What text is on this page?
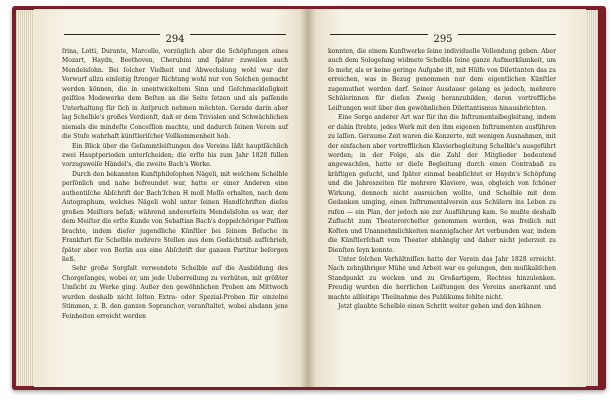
294

ſrina, Lotti, Durante, Marcello, vorzüglich aber die Schöpfungen eines Mozart, Haydn, Beethoven, Cherubini und ſpäter zuweilen auch Mendelsſohn. Bei ſolcher Vielheit und Abwechslung wohl war der Vorwurf allzu einſeitig ſtrenger Richtung wohl nur von Solchen gemacht werden können, die in unentwickeltem Sinn und Geſchmackloſigkeit geiſtlos Modewerke dem Beſten an die Seite ſetzen und als paſſende Unterhaltung für ſich in Anſpruch nehmen möchten. Gerade darin aber lag Schelble's großes Verdienſt, daß er dem Trivialen und Schwächlichen niemals die mindeſte Conceſſion machte, und dadurch ſeinen Verein auf die Stufe wahrhaft künſtleriſcher Vollkommenheit hob.

Ein Blick über die Geſammtleiſtungen des Vereins läßt hauptſächlich zwei Hauptperioden unterſcheiden; die erſte bis zum Jahr 1828 füllen vorzugsweiſe Händel's, die zweite Bach's Werke.

Durch den bekannten Kunſtphiloſophen Nägeli, mit welchem Schelble perſönlich und nahe befreundet war, hatte er einer Anderen eine authentiſche Abſchrift der Bach'ſchen H moll Meſſe erhalten, nach dem Autographum, welches Nägeli wohl unter ſeinen Handſchriften dieſes großen Meiſters beſaß; während andererſeits Mendelsſohn es war, der dem Meiſter die erſte Kunde von Sebaſtian Bach's doppelchöriger Paſſion brachte, indem dieſer jugendliche Künſtler bei ſeinem Beſuche in Frankfurt für Schelble mehrere Stellen aus dem Gedächtniß aufſchrieb, ſpäter aber von Berlin aus eine Abſchrift der ganzen Partitur beſorgen ließ.

Sehr große Sorgfalt verwendete Schelble auf die Ausbildung des Chorgeſanges, wobei er, um jede Ueberreilung zu verhüten, mit größter Umſicht zu Werke ging. Außer den gewöhnlichen Proben am Mittwoch wurden deshalb nicht ſelten Extra- oder Spezial-Proben für einzelne Stimmen, z. B. den ganzen Sopranchor, veranſtaltet, wobei alsdann jene Feinheiten erreicht werden

295

konnten, die einem Kunſtwerke ſeine individuelle Vollendung geben. Aber auch dem Sologeſang widmete Schelble ſeine ganze Aufmerkſamkeit, um ſo mehr, als er keine geringe Aufgabe iſt, mit Hülfe von Dilettanten das zu erreichen, was in Bezug genommen nur dem eigentlichen Künſtler zugemuthet werden darf. Seiner Ausdauer gelang es jedoch, mehrere Schülerinnen für dieſen Zweig heranzubilden, deren vortreffliche Leiſtungen weit über den gewöhnlichen Dilettantismus hinausbrichten.

Eine Sorge anderer Art war für ihn die Inſtrumentalbegleitung, indem er dahin ſtrebte, jedes Werk mit den ihm eigenen Inſtrumenten ausführen zu laſſen. Geraume Zeit waren die Konzerte, mit wenigen Ausnahmen, mit der einfachen aber vortrefflichen Klavierbegleitung Schelble's ausgeführt worden; in der Folge, als die Zahl der Mitglieder bedeutend angewachſen, hatte er dieſe Begleitung durch einen Contrabaß zu kräftigen geſucht, und ſpäter einmal beabſichtet er Haydn's Schöpfung und die Jahreszeiten für mehrere Klaviere, was, obgleich von ſchöner Wirkung, dennoch nicht ausreichen wollte, und Schelble mit dem Gedanken umging, einen Inſtrumentalverein aus Schülern ins Leben zu rufen — ein Plan, der jedoch nie zur Ausführung kam. So mußte deshalb Zuflucht zum Theaterorcheſter genommen werden, was freilich mit Koſten und Unannehmlichkeiten mannigfacher Art verbunden war, indem die Künſtlerſchaft vom Theater abhängig und daher nicht jederzeit zu Dienſten ſeyn konnte.

Unter ſolchen Verhältniſſen hatte der Verein das Jahr 1828 erreicht. Nach zehnjähriger Mühe und Arbeit war es gelungen, den muſikaliſchen Standpunkt zu wecken und zu Großartigem, Rechtes hinzulenken. Freudig wurden die herrlichen Leiſtungen des Vereins anerkannt und machte allſeitige Theilnahme des Publikums fehlte nicht.

Jetzt glaubte Schelble einen Schritt weiter gehen und den kühnen
